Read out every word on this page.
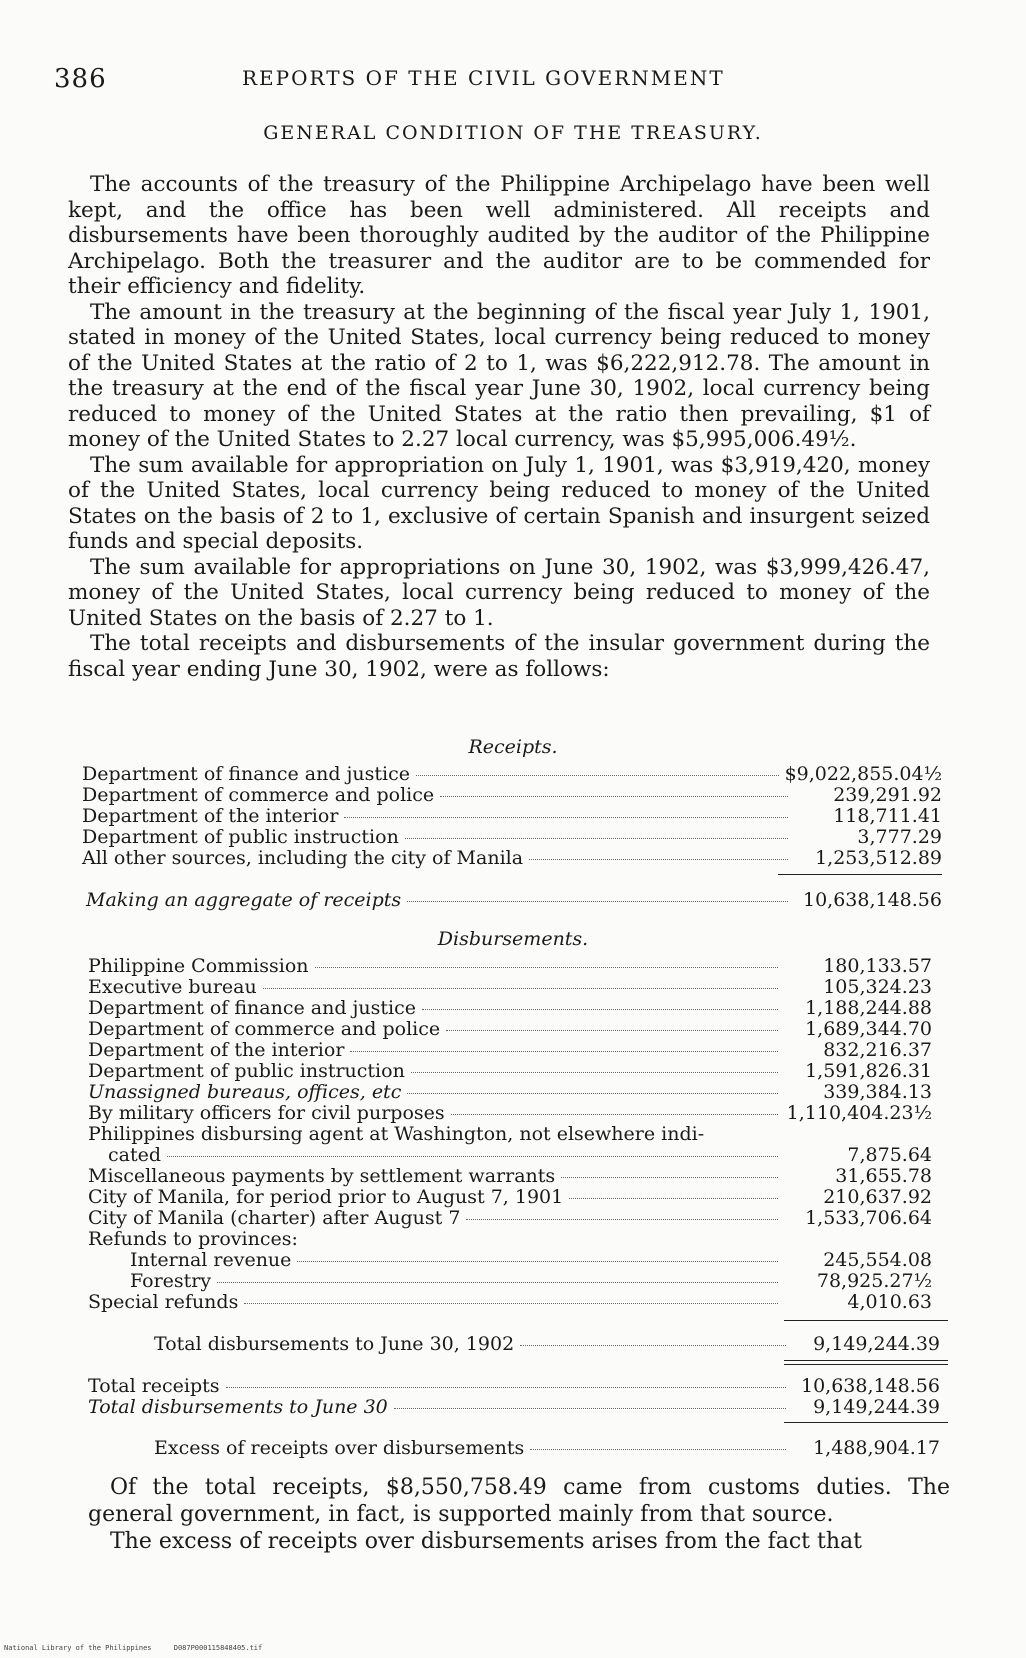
386	REPORTS OF THE CIVIL GOVERNMENT
GENERAL CONDITION OF THE TREASURY.

The accounts of the treasury of the Philippine Archipelago have been well kept, and the office has been well administered. All receipts and disbursements have been thoroughly audited by the auditor of the Philippine Archipelago. Both the treasurer and the auditor are to be commended for their efficiency and fidelity.

The amount in the treasury at the beginning of the fiscal year July 1, 1901, stated in money of the United States, local currency being reduced to money of the United States at the ratio of 2 to 1, was $6,222,912.78. The amount in the treasury at the end of the fiscal year June 30, 1902, local currency being reduced to money of the United States at the ratio then prevailing, $1 of money of the United States to 2.27 local currency, was $5,995,006.49½.

The sum available for appropriation on July 1, 1901, was $3,919,420, money of the United States, local currency being reduced to money of the United States on the basis of 2 to 1, exclusive of certain Spanish and insurgent seized funds and special deposits.

The sum available for appropriations on June 30, 1902, was $3,999,426.47, money of the United States, local currency being reduced to money of the United States on the basis of 2.27 to 1.

The total receipts and disbursements of the insular government during the fiscal year ending June 30, 1902, were as follows:

Receipts.
Department of finance and justice	$9,022,855.04½
Department of commerce and police	239,291.92
Department of the interior	118,711.41
Department of public instruction	3,777.29
All other sources, including the city of Manila	1,253,512.89
Making an aggregate of receipts	10,638,148.56
Disbursements.
Philippine Commission	180,133.57
Executive bureau	105,324.23
Department of finance and justice	1,188,244.88
Department of commerce and police	1,689,344.70
Department of the interior	832,216.37
Department of public instruction	1,591,826.31
Unassigned bureaus, offices, etc	339,384.13
By military officers for civil purposes	1,110,404.23½
Philippines disbursing agent at Washington, not elsewhere indi-
cated	7,875.64
Miscellaneous payments by settlement warrants	31,655.78
City of Manila, for period prior to August 7, 1901	210,637.92
City of Manila (charter) after August 7	1,533,706.64
Refunds to provinces:
Internal revenue	245,554.08
Forestry	78,925.27½
Special refunds	4,010.63
Total disbursements to June 30, 1902	9,149,244.39
Total receipts	10,638,148.56
Total disbursements to June 30	9,149,244.39
Excess of receipts over disbursements	1,488,904.17

Of the total receipts, $8,550,758.49 came from customs duties. The general government, in fact, is supported mainly from that source.

The excess of receipts over disbursements arises from the fact that

National Library of the Philippines	D087P000115848405.tif
